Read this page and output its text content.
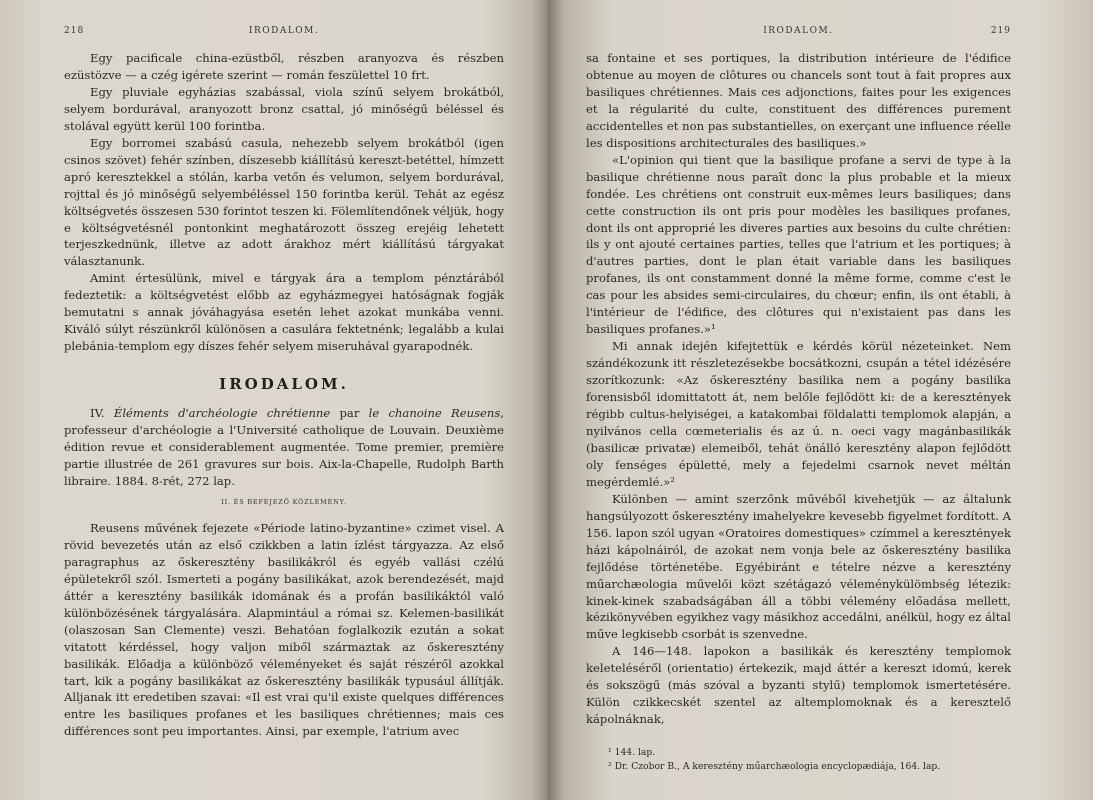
218	IRODALOM.

Egy pacificale china-ezüstből, részben aranyozva és részben ezüstözve — a czég igérete szerint — román feszülettel 10 frt.

Egy pluviale egyházias szabással, viola színű selyem brokátból, selyem bordurával, aranyozott bronz csattal, jó minőségű béléssel és stolával együtt kerül 100 forintba.

Egy borromei szabású casula, nehezebb selyem brokátból (igen csinos szövet) fehér színben, díszesebb kiállítású kereszt-betéttel, hímzett apró keresztekkel a stólán, karba vetőn és velumon, selyem bordurával, rojttal és jó minőségű selyembéléssel 150 forintba kerül. Tehát az egész költségvetés összesen 530 forintot teszen ki. Fölemlítendőnek véljük, hogy e költségvetésnél pontonkint meghatározott összeg erejéig lehetett terjeszkednünk, illetve az adott árakhoz mért kiállítású tárgyakat választanunk.

Amint értesülünk, mivel e tárgyak ára a templom pénztárából fedeztetik: a költségvetést előbb az egyházmegyei hatóságnak fogják bemutatni s annak jóváhagyása esetén lehet azokat munkába venni. Kiváló súlyt részünkről különösen a casulára fektetnénk; legalább a kulai plebánia-templom egy díszes fehér selyem miseruhával gyarapodnék.

IRODALOM.

IV. Éléments d'archéologie chrétienne par le chanoine Reusens, professeur d'archéologie a l'Université catholique de Louvain. Deuxième édition revue et considerablement augmentée. Tome premier, première partie illustrée de 261 gravures sur bois. Aix-la-Chapelle, Rudolph Barth libraire. 1884. 8-rét, 272 lap.

II. ÉS BEFEJEZŐ KÖZLEMÉNY.

Reusens művének fejezete «Période latino-byzantine» czimet visel. A rövid bevezetés után az első czikkben a latin ízlést tárgyazza. Az első paragraphus az őskeresztény basilikákról és egyéb vallási czélú épületekről szól. Ismerteti a pogány basilikákat, azok berendezését, majd áttér a keresztény basilikák idomának és a profán basilikáktól való különbözésének tárgyalására. Alapmintául a római sz. Kelemen-basilikát (olaszosan San Clemente) veszi. Behatóan foglalkozik ezután a sokat vitatott kérdéssel, hogy valjon miből származtak az őskeresztény basilikák. Előadja a különböző véleményeket és saját részéről azokkal tart, kik a pogány basilikákat az őskeresztény basilikák typusául állítják. Alljanak itt eredetiben szavai: «Il est vrai qu'il existe quelques différences entre les basiliques profanes et les basiliques chrétiennes; mais ces différences sont peu importantes. Ainsi, par exemple, l'atrium avec

IRODALOM.	219

sa fontaine et ses portiques, la distribution intérieure de l'édifice obtenue au moyen de clôtures ou chancels sont tout à fait propres aux basiliques chrétiennes. Mais ces adjonctions, faites pour les exigences et la régularité du culte, constituent des différences purement accidentelles et non pas substantielles, on exerçant une influence réelle les dispositions architecturales des basiliques.»

«L'opinion qui tient que la basilique profane a servi de type à la basilique chrétienne nous paraît donc la plus probable et la mieux fondée. Les chrétiens ont construit eux-mêmes leurs basiliques; dans cette construction ils ont pris pour modèles les basiliques profanes, dont ils ont approprié les diveres parties aux besoins du culte chrétien: ils y ont ajouté certaines parties, telles que l'atrium et les portiques; à d'autres parties, dont le plan était variable dans les basiliques profanes, ils ont constamment donné la même forme, comme c'est le cas pour les absides semi-circulaires, du chœur; enfin, ils ont établi, à l'intérieur de l'édifice, des clôtures qui n'existaient pas dans les basiliques profanes.»¹

Mi annak idején kifejtettük e kérdés körül nézeteinket. Nem szándékozunk itt részletezésekbe bocsátkozni, csupán a tétel idézésére szorítkozunk: «Az őskeresztény basilika nem a pogány basilika forensisből idomittatott át, nem belőle fejlődött ki: de a keresztények régibb cultus-helyiségei, a katakombai földalatti templomok alapján, a nyilvános cella cœmeterialis és az ú. n. oeci vagy magánbasilikák (basilicæ privatæ) elemeiből, tehát önálló keresztény alapon fejlődött oly fenséges épületté, mely a fejedelmi csarnok nevet méltán megérdemlé.»²

Különben — amint szerzőnk művéből kivehetjük — az általunk hangsúlyozott őskeresztény imahelyekre kevesebb figyelmet fordított. A 156. lapon szól ugyan «Oratoires domestiques» czímmel a keresztények házi kápolnáiról, de azokat nem vonja bele az őskeresztény basilika fejlődése történetébe. Egyébiránt e tételre nézve a keresztény műarchæologia művelői közt szétágazó véleménykülömbség létezik: kinek-kinek szabadságában áll a többi vélemény előadása mellett, kézikönyvében egyikhez vagy másikhoz accedálni, anélkül, hogy ez által műve legkisebb csorbát is szenvedne.

A 146—148. lapokon a basilikák és keresztény templomok keleteléséről (orientatio) értekezik, majd áttér a kereszt idomú, kerek és sokszögű (más szóval a byzanti stylű) templomok ismertetésére. Külön czikkecskét szentel az altemplomoknak és a keresztelő kápolnáknak,

¹ 144. lap.
² Dr. Czobor B., A keresztény műarchæologia encyclopædiája, 164. lap.
